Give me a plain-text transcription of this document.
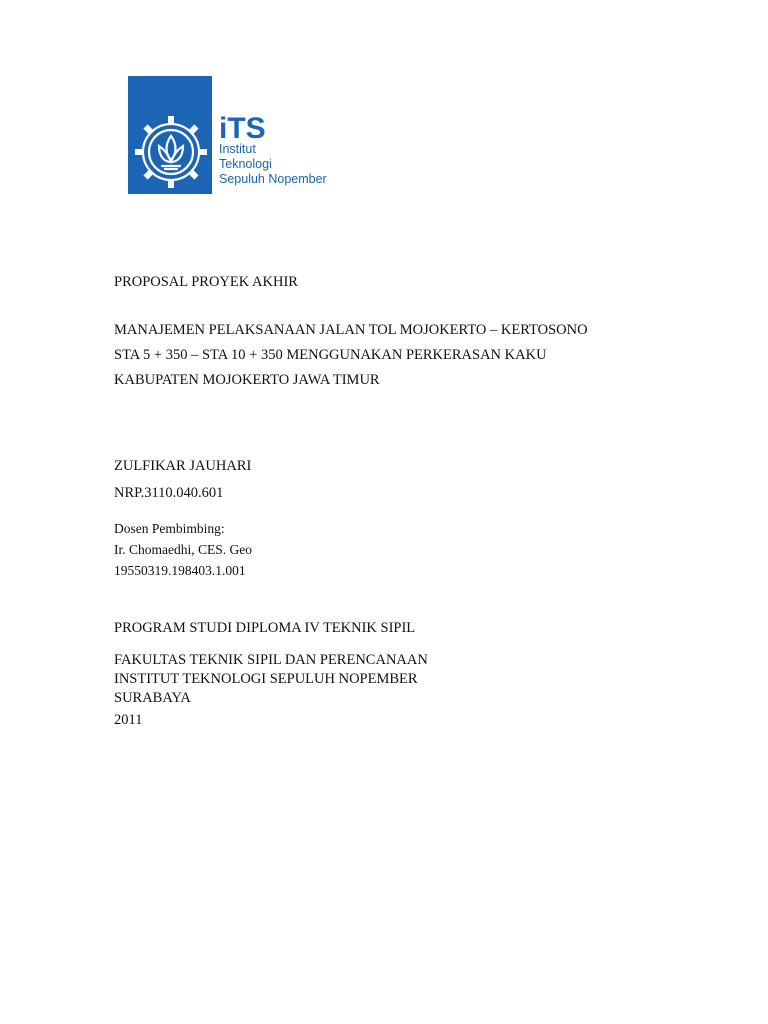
iTS
Institut
Teknologi
Sepuluh Nopember

PROPOSAL PROYEK AKHIR

MANAJEMEN PELAKSANAAN JALAN TOL MOJOKERTO – KERTOSONO

STA 5 + 350 – STA 10 + 350 MENGGUNAKAN PERKERASAN KAKU

KABUPATEN MOJOKERTO JAWA TIMUR

ZULFIKAR JAUHARI

NRP.3110.040.601

Dosen Pembimbing:

Ir. Chomaedhi, CES. Geo

19550319.198403.1.001

PROGRAM STUDI DIPLOMA IV TEKNIK SIPIL

FAKULTAS TEKNIK SIPIL DAN PERENCANAAN

INSTITUT TEKNOLOGI SEPULUH NOPEMBER

SURABAYA

2011
